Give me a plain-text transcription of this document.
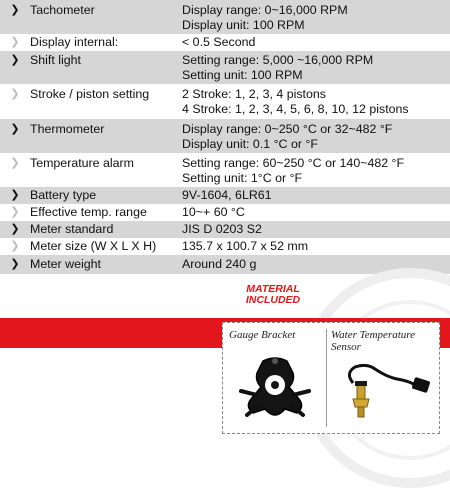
❯ Tachometer	Display range: 0~16,000 RPM
Display unit: 100 RPM
❯ Display internal:	< 0.5 Second
❯ Shift light	Setting range: 5,000 ~16,000 RPM
Setting unit: 100 RPM
❯ Stroke / piston setting	2 Stroke: 1, 2, 3, 4 pistons
4 Stroke: 1, 2, 3, 4, 5, 6, 8, 10, 12 pistons
❯ Thermometer	Display range: 0~250 °C or 32~482 °F
Display unit: 0.1 °C or °F
❯ Temperature alarm	Setting range: 60~250 °C or 140~482 °F
Setting unit: 1°C or °F
❯ Battery type	9V-1604, 6LR61
❯ Effective temp. range	10~+ 60 °C
❯ Meter standard	JIS D 0203 S2
❯ Meter size (W X L X H)	135.7 x 100.7 x 52 mm
❯ Meter weight	Around 240 g
MATERIAL
INCLUDED
Gauge Bracket	Water Temperature Sensor
